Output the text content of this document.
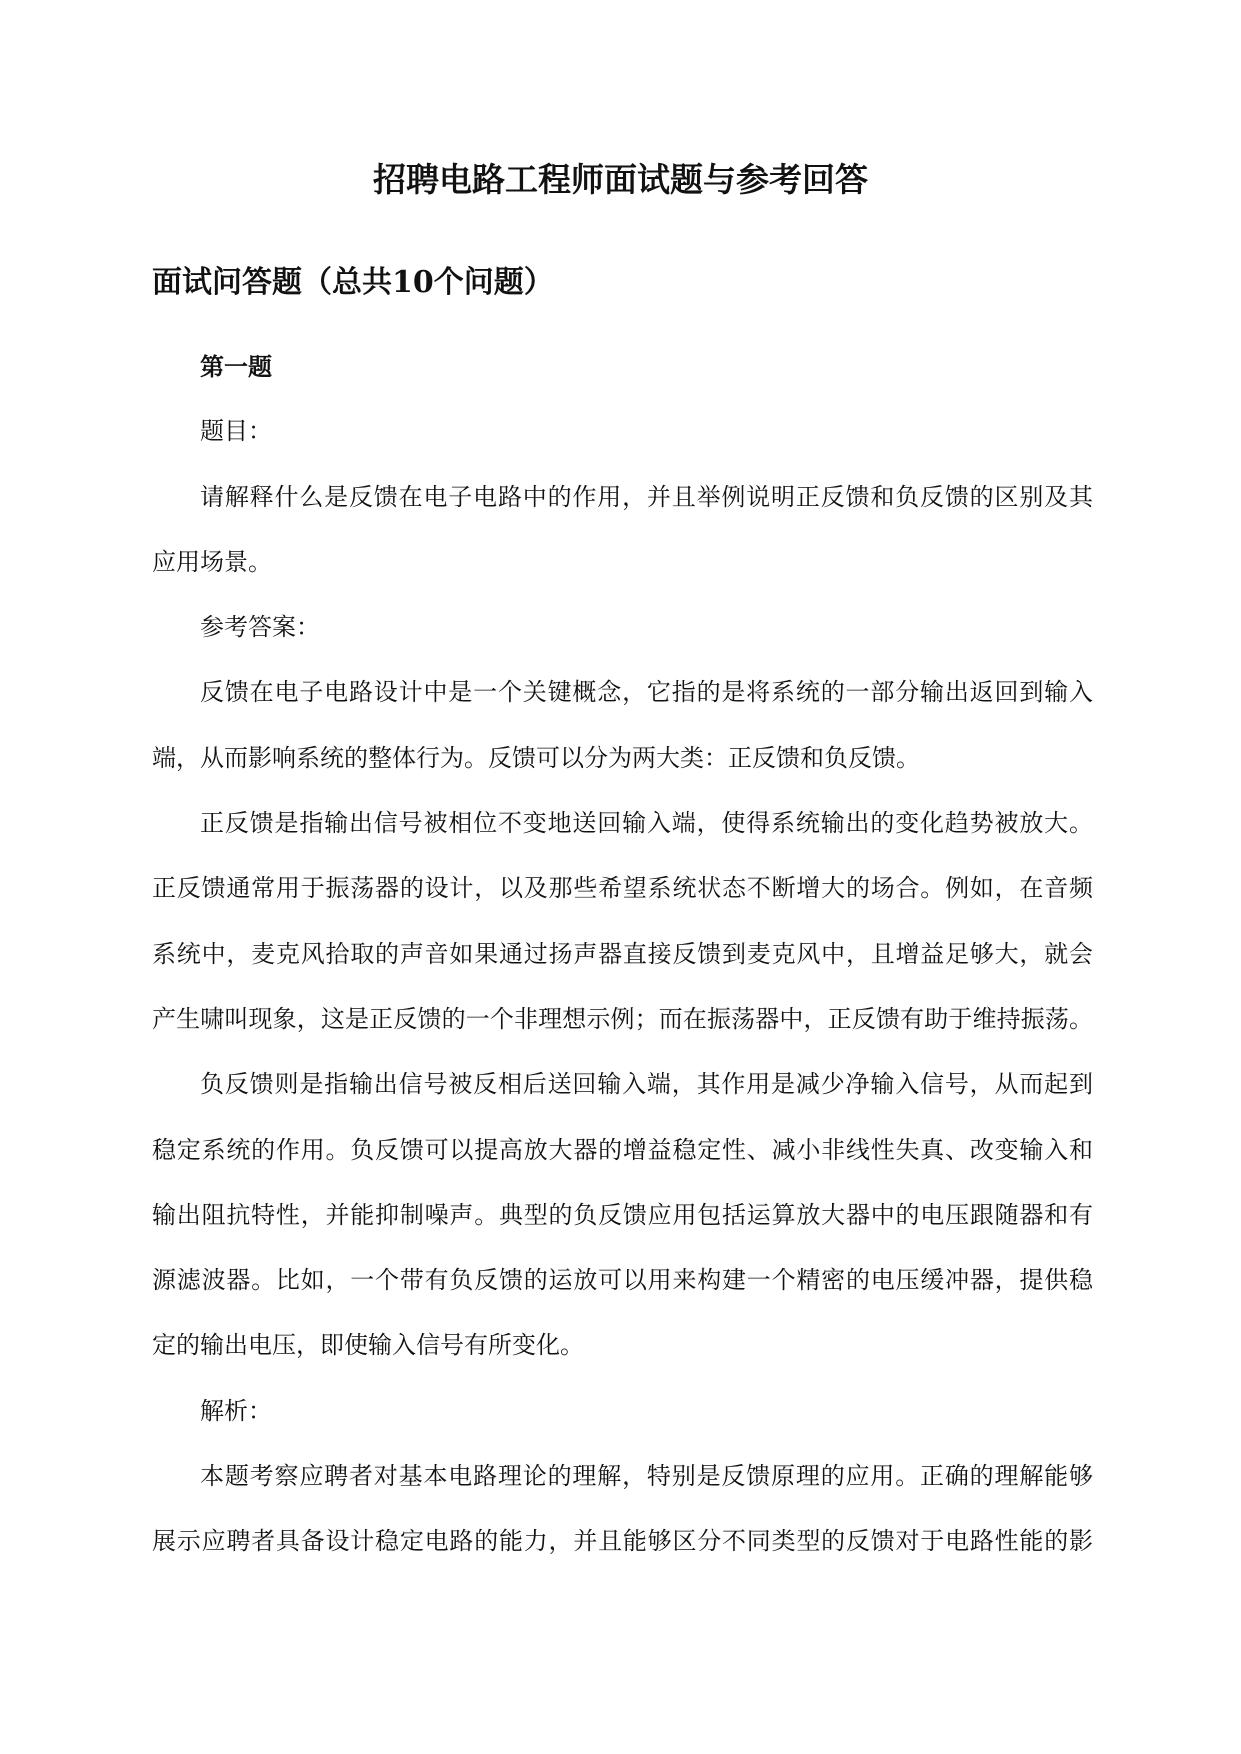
招聘电路工程师面试题与参考回答
面试问答题（总共10个问题）
第一题
题目：
请解释什么是反馈在电子电路中的作用，并且举例说明正反馈和负反馈的区别及其
应用场景。
参考答案：
反馈在电子电路设计中是一个关键概念，它指的是将系统的一部分输出返回到输入
端，从而影响系统的整体行为。反馈可以分为两大类：正反馈和负反馈。
正反馈是指输出信号被相位不变地送回输入端，使得系统输出的变化趋势被放大。
正反馈通常用于振荡器的设计，以及那些希望系统状态不断增大的场合。例如，在音频
系统中，麦克风拾取的声音如果通过扬声器直接反馈到麦克风中，且增益足够大，就会
产生啸叫现象，这是正反馈的一个非理想示例；而在振荡器中，正反馈有助于维持振荡。
负反馈则是指输出信号被反相后送回输入端，其作用是减少净输入信号，从而起到
稳定系统的作用。负反馈可以提高放大器的增益稳定性、减小非线性失真、改变输入和
输出阻抗特性，并能抑制噪声。典型的负反馈应用包括运算放大器中的电压跟随器和有
源滤波器。比如，一个带有负反馈的运放可以用来构建一个精密的电压缓冲器，提供稳
定的输出电压，即使输入信号有所变化。
解析：
本题考察应聘者对基本电路理论的理解，特别是反馈原理的应用。正确的理解能够
展示应聘者具备设计稳定电路的能力，并且能够区分不同类型的反馈对于电路性能的影
